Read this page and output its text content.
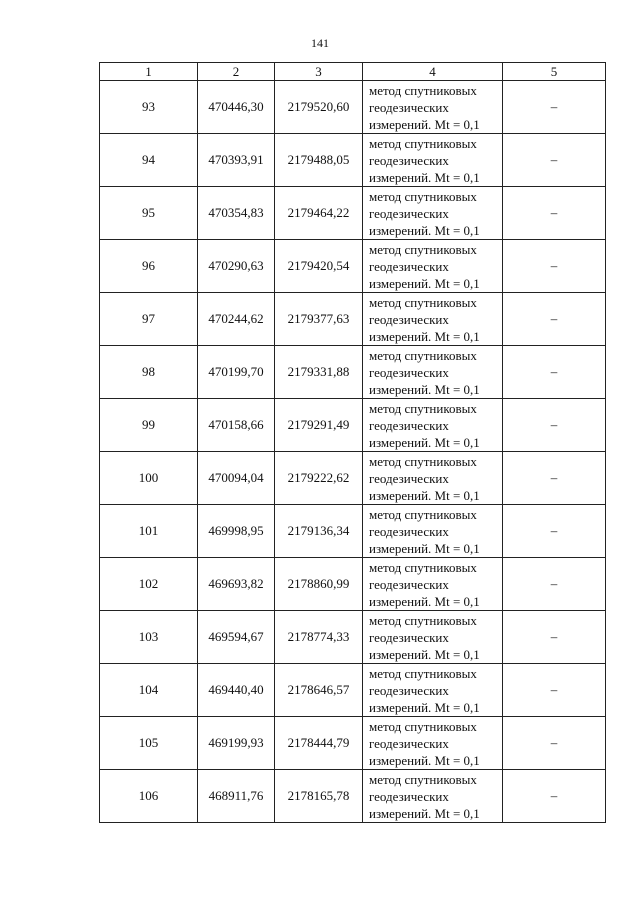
141
1	2	3	4	5
93	470446,30	2179520,60	метод спутниковых
геодезических
измерений. Mt = 0,1	–
94	470393,91	2179488,05	метод спутниковых
геодезических
измерений. Mt = 0,1	–
95	470354,83	2179464,22	метод спутниковых
геодезических
измерений. Mt = 0,1	–
96	470290,63	2179420,54	метод спутниковых
геодезических
измерений. Mt = 0,1	–
97	470244,62	2179377,63	метод спутниковых
геодезических
измерений. Mt = 0,1	–
98	470199,70	2179331,88	метод спутниковых
геодезических
измерений. Mt = 0,1	–
99	470158,66	2179291,49	метод спутниковых
геодезических
измерений. Mt = 0,1	–
100	470094,04	2179222,62	метод спутниковых
геодезических
измерений. Mt = 0,1	–
101	469998,95	2179136,34	метод спутниковых
геодезических
измерений. Mt = 0,1	–
102	469693,82	2178860,99	метод спутниковых
геодезических
измерений. Mt = 0,1	–
103	469594,67	2178774,33	метод спутниковых
геодезических
измерений. Mt = 0,1	–
104	469440,40	2178646,57	метод спутниковых
геодезических
измерений. Mt = 0,1	–
105	469199,93	2178444,79	метод спутниковых
геодезических
измерений. Mt = 0,1	–
106	468911,76	2178165,78	метод спутниковых
геодезических
измерений. Mt = 0,1	–
